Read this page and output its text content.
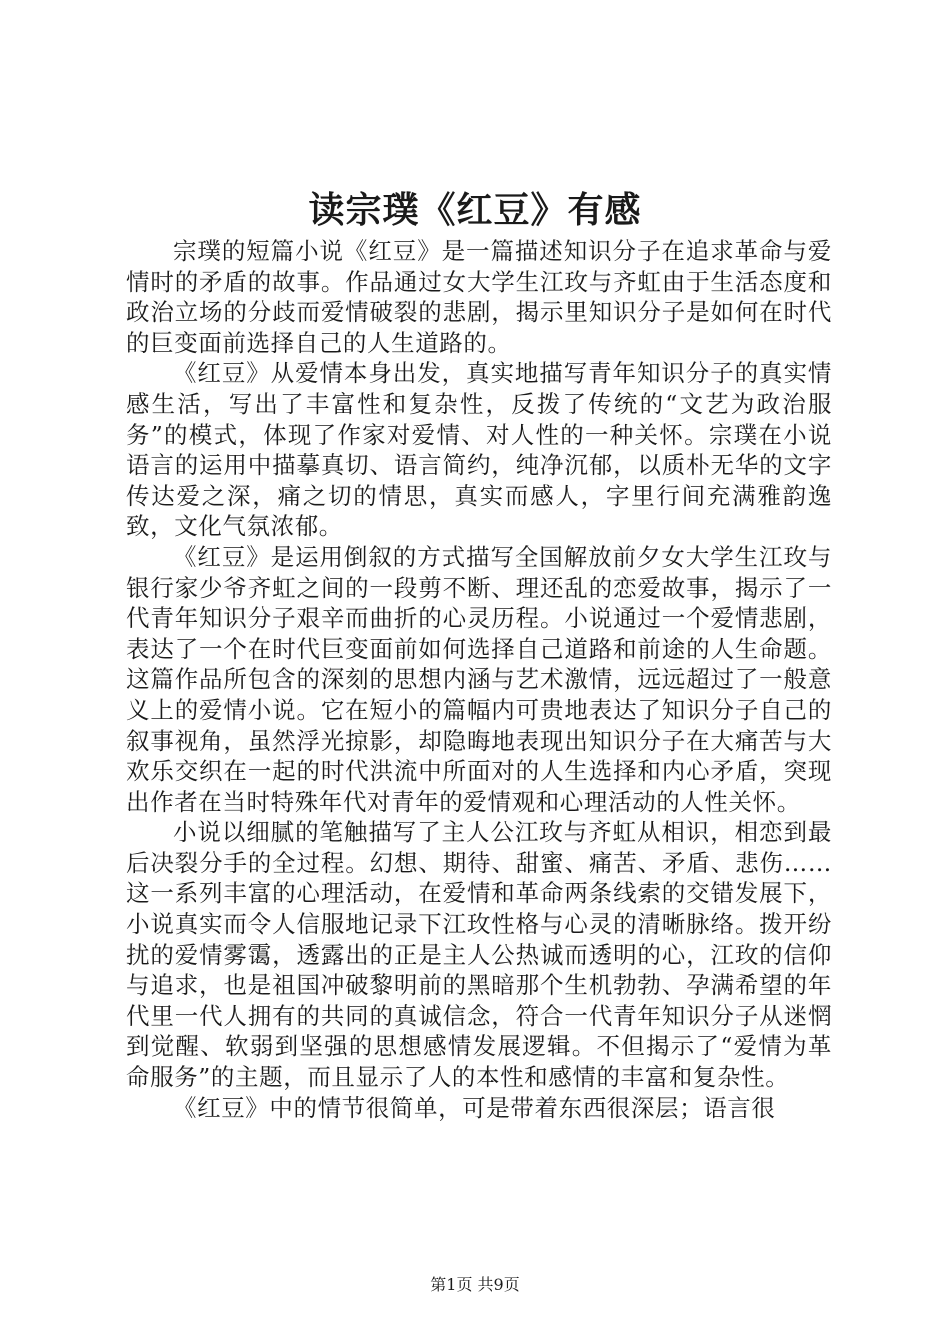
读宗璞《红豆》有感

宗璞的短篇小说《红豆》是一篇描述知识分子在追求革命与爱情时的矛盾的故事。作品通过女大学生江玫与齐虹由于生活态度和政治立场的分歧而爱情破裂的悲剧，揭示里知识分子是如何在时代的巨变面前选择自己的人生道路的。

《红豆》从爱情本身出发，真实地描写青年知识分子的真实情感生活，写出了丰富性和复杂性，反拨了传统的“文艺为政治服务”的模式，体现了作家对爱情、对人性的一种关怀。宗璞在小说语言的运用中描摹真切、语言简约，纯净沉郁，以质朴无华的文字传达爱之深，痛之切的情思，真实而感人，字里行间充满雅韵逸致，文化气氛浓郁。

《红豆》是运用倒叙的方式描写全国解放前夕女大学生江玫与银行家少爷齐虹之间的一段剪不断、理还乱的恋爱故事，揭示了一代青年知识分子艰辛而曲折的心灵历程。小说通过一个爱情悲剧，表达了一个在时代巨变面前如何选择自己道路和前途的人生命题。这篇作品所包含的深刻的思想内涵与艺术激情，远远超过了一般意义上的爱情小说。它在短小的篇幅内可贵地表达了知识分子自己的叙事视角，虽然浮光掠影，却隐晦地表现出知识分子在大痛苦与大欢乐交织在一起的时代洪流中所面对的人生选择和内心矛盾，突现出作者在当时特殊年代对青年的爱情观和心理活动的人性关怀。

小说以细腻的笔触描写了主人公江玫与齐虹从相识，相恋到最后决裂分手的全过程。幻想、期待、甜蜜、痛苦、矛盾、悲伤……这一系列丰富的心理活动，在爱情和革命两条线索的交错发展下，小说真实而令人信服地记录下江玫性格与心灵的清晰脉络。拨开纷扰的爱情雾霭，透露出的正是主人公热诚而透明的心，江玫的信仰与追求，也是祖国冲破黎明前的黑暗那个生机勃勃、孕满希望的年代里一代人拥有的共同的真诚信念，符合一代青年知识分子从迷惘到觉醒、软弱到坚强的思想感情发展逻辑。不但揭示了“爱情为革命服务”的主题，而且显示了人的本性和感情的丰富和复杂性。

《红豆》中的情节很简单，可是带着东西很深层；语言很

第1页 共9页
